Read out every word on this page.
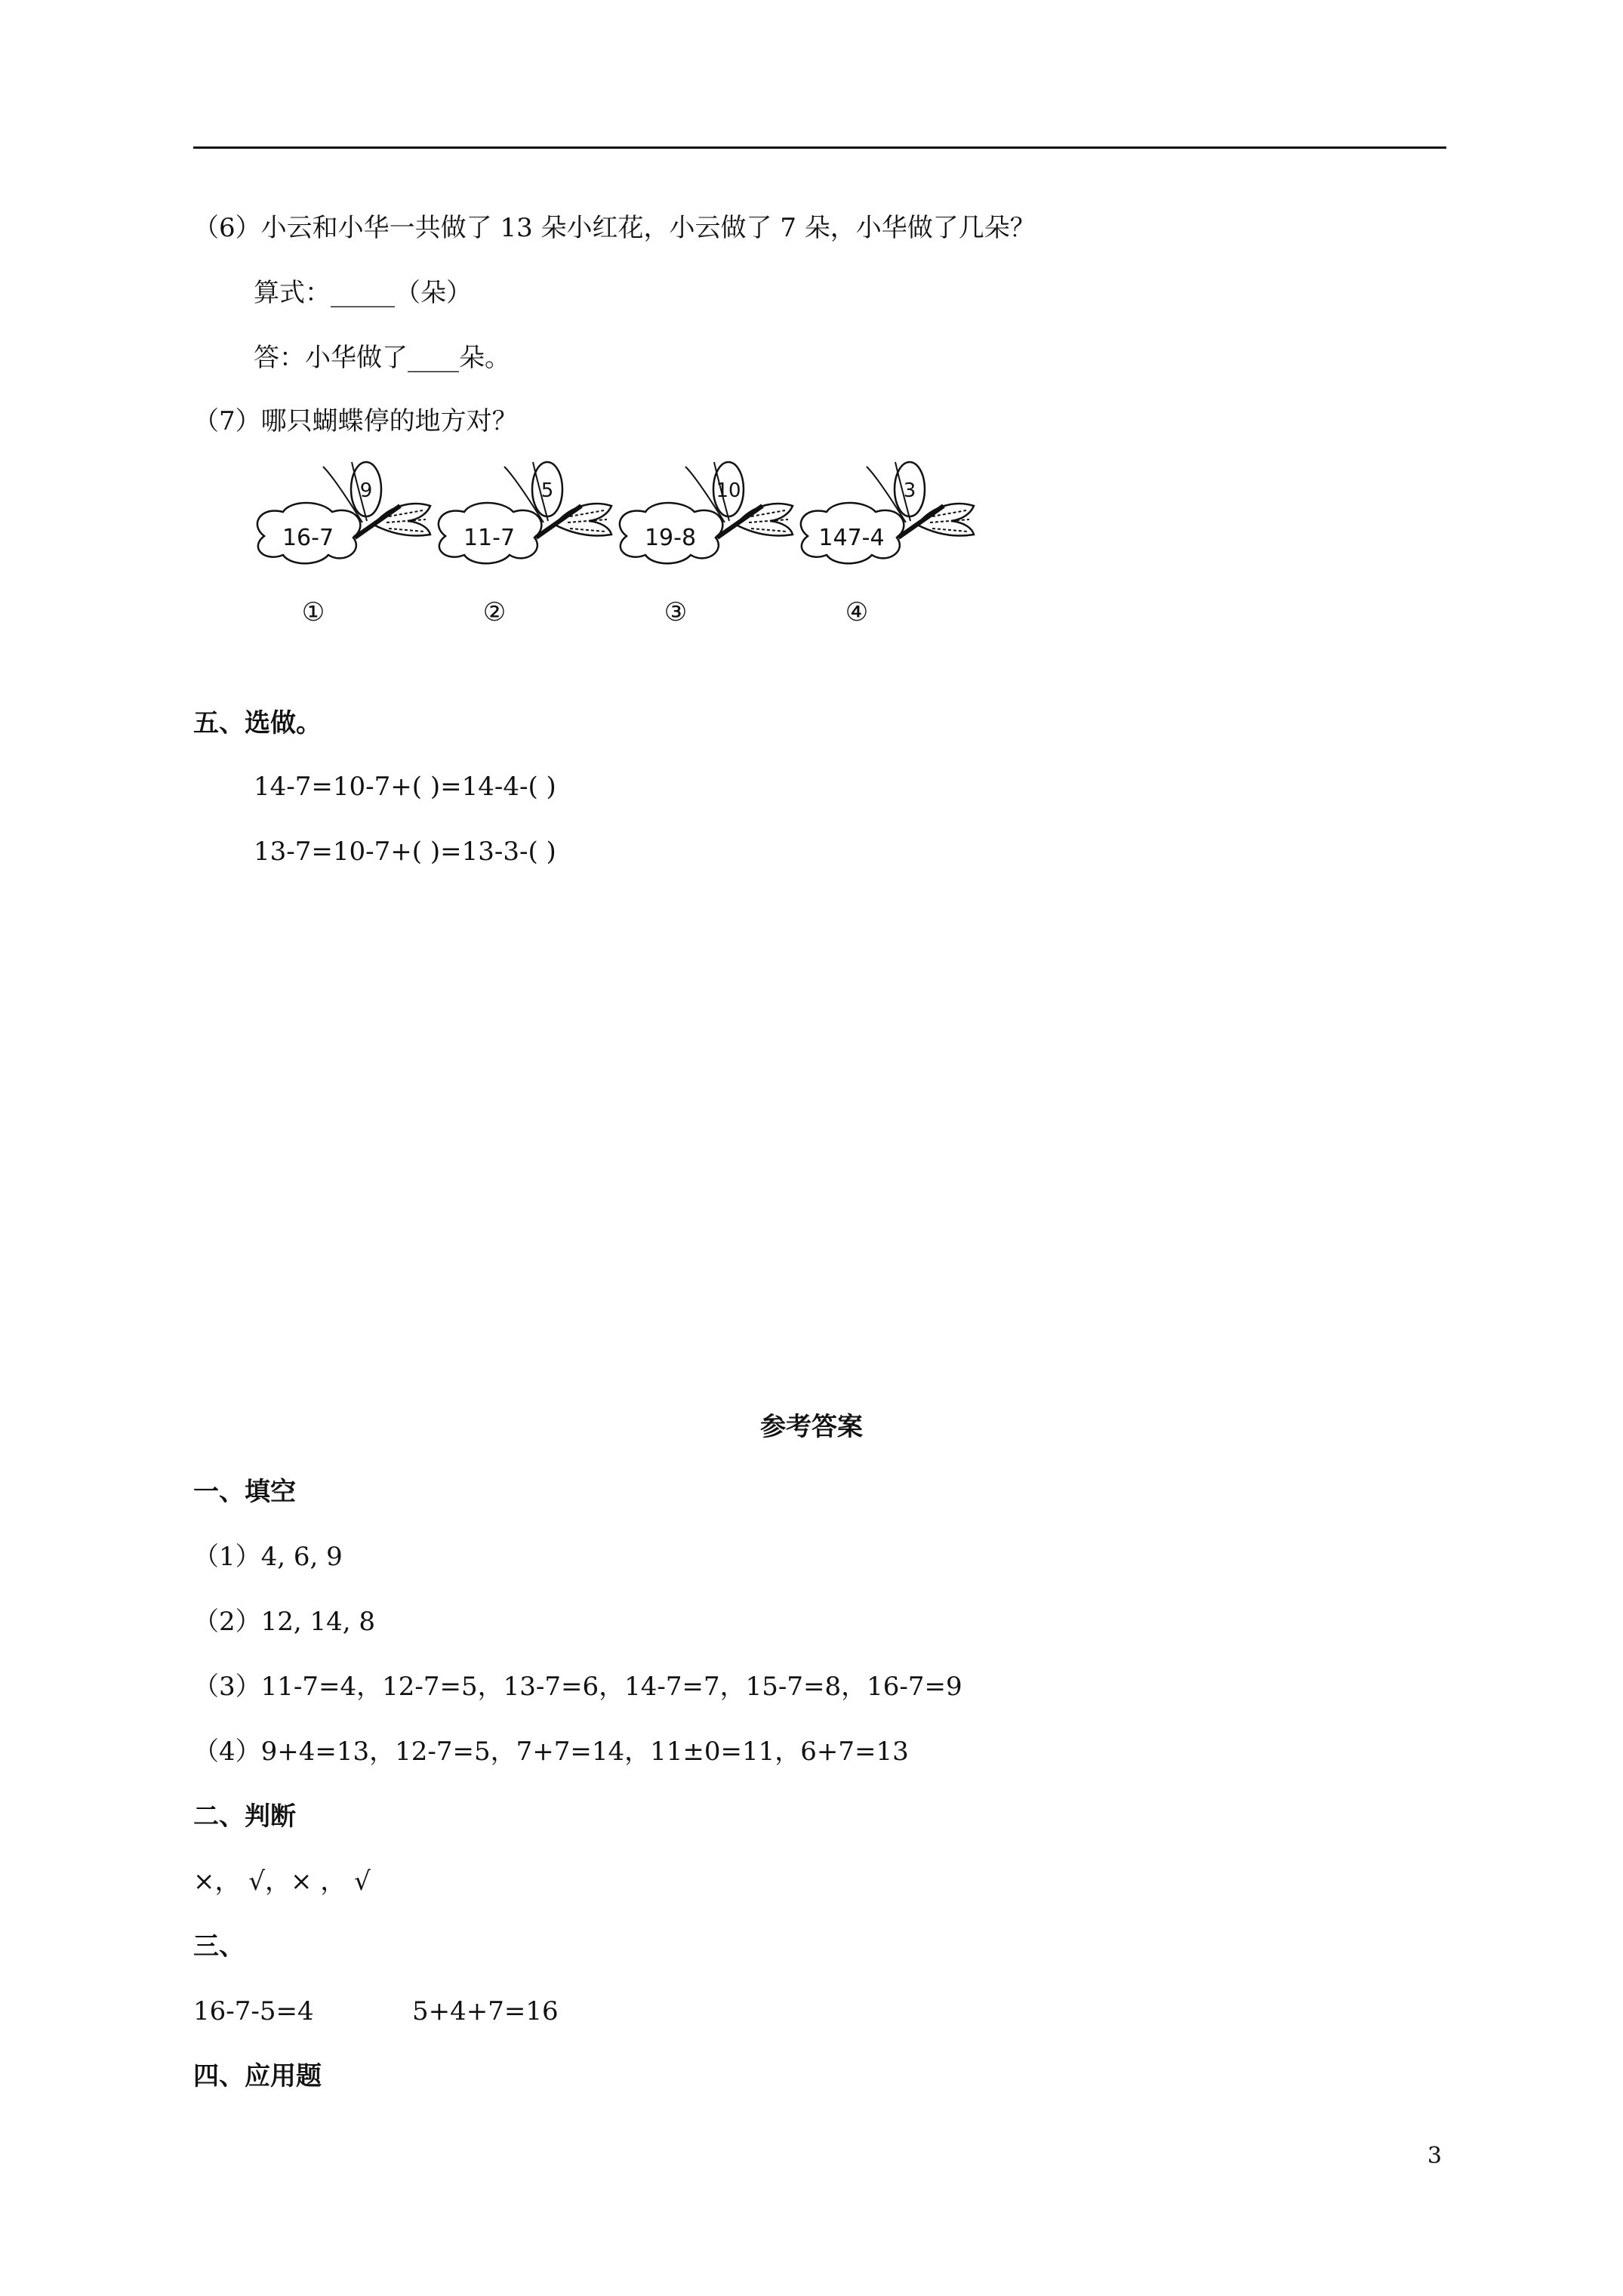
（6）小云和小华一共做了 13 朵小红花，小云做了 7 朵，小华做了几朵？
算式：_____（朵）
答：小华做了____朵。
（7）哪只蝴蝶停的地方对？
16-7
9
①
11-7
5
②
19-8
10
③
147-4
3
④
五、选做。
14-7=10-7+( )=14-4-( )
13-7=10-7+( )=13-3-( )
参考答案
一、填空
（1）4, 6, 9
（2）12, 14, 8
（3）11-7=4，12-7=5，13-7=6，14-7=7，15-7=8，16-7=9
（4）9+4=13，12-7=5，7+7=14，11±0=11，6+7=13
二、判断
×， √，× ， √
三、
16-7-5=4	5+4+7=16
四、应用题
3
